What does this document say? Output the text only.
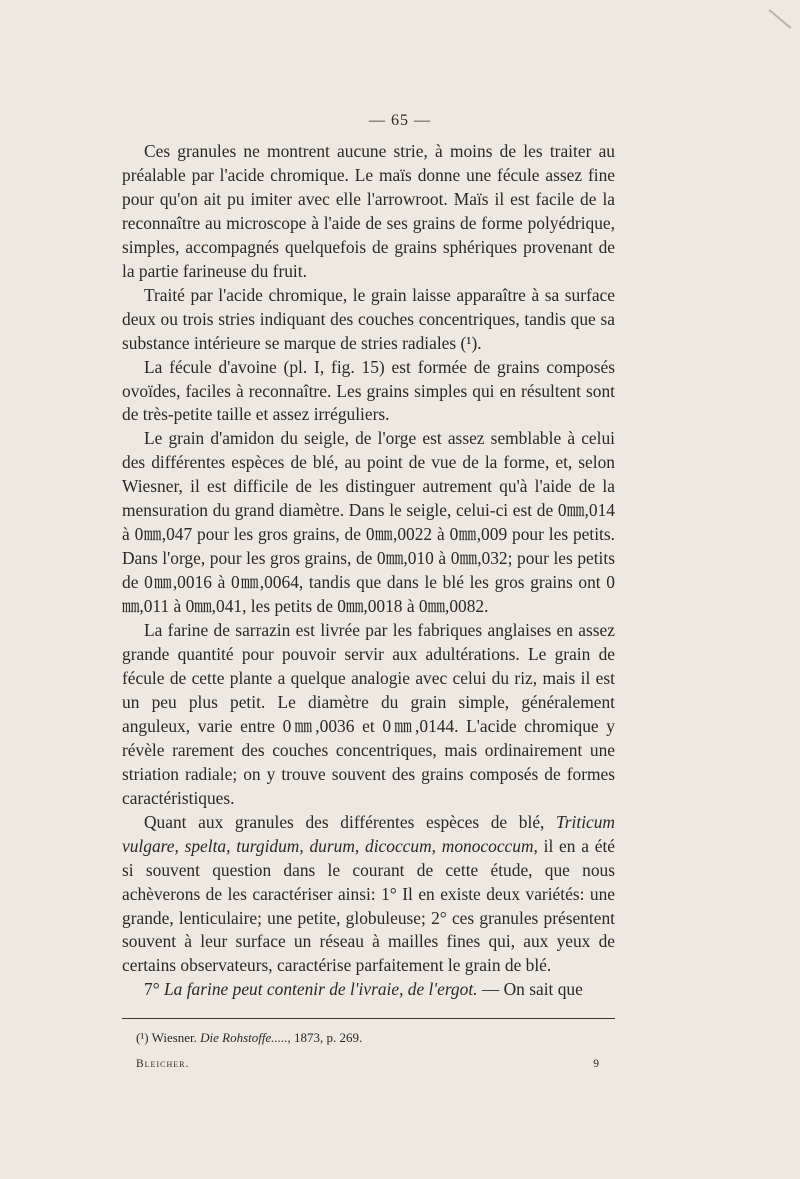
— 65 —

Ces granules ne montrent aucune strie, à moins de les traiter au préalable par l'acide chromique. Le maïs donne une fécule assez fine pour qu'on ait pu imiter avec elle l'arrowroot. Maïs il est facile de la reconnaître au microscope à l'aide de ses grains de forme polyédrique, simples, accompagnés quelquefois de grains sphériques provenant de la partie farineuse du fruit.

Traité par l'acide chromique, le grain laisse apparaître à sa surface deux ou trois stries indiquant des couches concentriques, tandis que sa substance intérieure se marque de stries radiales (¹).

La fécule d'avoine (pl. I, fig. 15) est formée de grains composés ovoïdes, faciles à reconnaître. Les grains simples qui en résultent sont de très-petite taille et assez irréguliers.

Le grain d'amidon du seigle, de l'orge est assez semblable à celui des différentes espèces de blé, au point de vue de la forme, et, selon Wiesner, il est difficile de les distinguer autrement qu'à l'aide de la mensuration du grand diamètre. Dans le seigle, celui-ci est de 0㎜,014 à 0㎜,047 pour les gros grains, de 0㎜,0022 à 0㎜,009 pour les petits. Dans l'orge, pour les gros grains, de 0㎜,010 à 0㎜,032; pour les petits de 0㎜,0016 à 0㎜,0064, tandis que dans le blé les gros grains ont 0㎜,011 à 0㎜,041, les petits de 0㎜,0018 à 0㎜,0082.

La farine de sarrazin est livrée par les fabriques anglaises en assez grande quantité pour pouvoir servir aux adultérations. Le grain de fécule de cette plante a quelque analogie avec celui du riz, mais il est un peu plus petit. Le diamètre du grain simple, généralement anguleux, varie entre 0㎜,0036 et 0㎜,0144. L'acide chromique y révèle rarement des couches concentriques, mais ordinairement une striation radiale; on y trouve souvent des grains composés de formes caractéristiques.

Quant aux granules des différentes espèces de blé, Triticum vulgare, spelta, turgidum, durum, dicoccum, monococcum, il en a été si souvent question dans le courant de cette étude, que nous achèverons de les caractériser ainsi: 1° Il en existe deux variétés: une grande, lenticulaire; une petite, globuleuse; 2° ces granules présentent souvent à leur surface un réseau à mailles fines qui, aux yeux de certains observateurs, caractérise parfaitement le grain de blé.

7° La farine peut contenir de l'ivraie, de l'ergot. — On sait que

(¹) Wiesner. Die Rohstoffe....., 1873, p. 269.
Bleicher.	9
